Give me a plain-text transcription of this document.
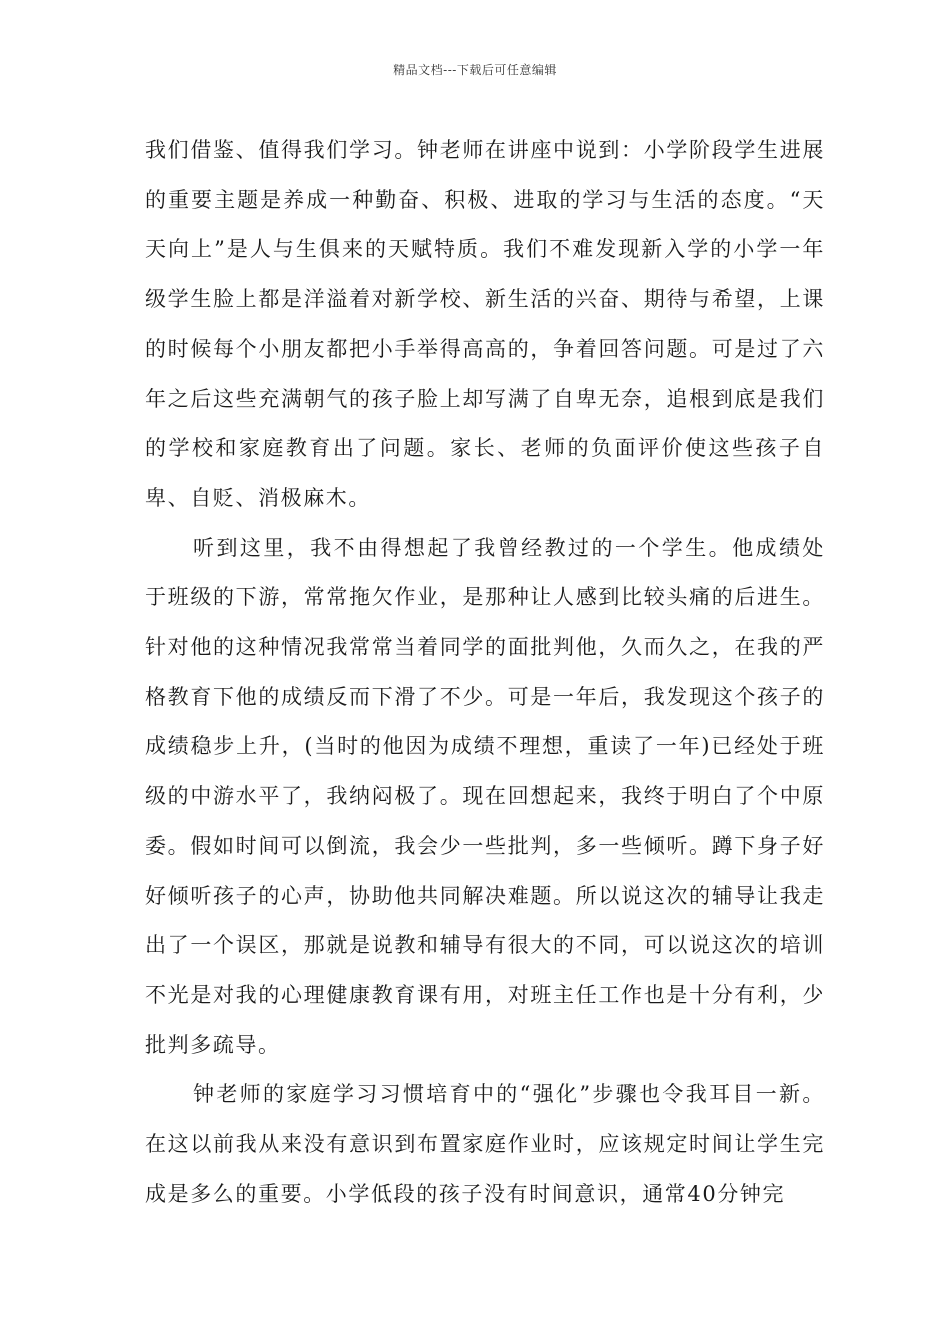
精品文档---下载后可任意编辑

我们借鉴、值得我们学习。钟老师在讲座中说到：小学阶段学生进展的重要主题是养成一种勤奋、积极、进取的学习与生活的态度。“天天向上”是人与生俱来的天赋特质。我们不难发现新入学的小学一年级学生脸上都是洋溢着对新学校、新生活的兴奋、期待与希望，上课的时候每个小朋友都把小手举得高高的，争着回答问题。可是过了六年之后这些充满朝气的孩子脸上却写满了自卑无奈，追根到底是我们的学校和家庭教育出了问题。家长、老师的负面评价使这些孩子自卑、自贬、消极麻木。

听到这里，我不由得想起了我曾经教过的一个学生。他成绩处于班级的下游，常常拖欠作业，是那种让人感到比较头痛的后进生。针对他的这种情况我常常当着同学的面批判他，久而久之，在我的严格教育下他的成绩反而下滑了不少。可是一年后，我发现这个孩子的成绩稳步上升，(当时的他因为成绩不理想，重读了一年)已经处于班级的中游水平了，我纳闷极了。现在回想起来，我终于明白了个中原委。假如时间可以倒流，我会少一些批判，多一些倾听。蹲下身子好好倾听孩子的心声，协助他共同解决难题。所以说这次的辅导让我走出了一个误区，那就是说教和辅导有很大的不同，可以说这次的培训不光是对我的心理健康教育课有用，对班主任工作也是十分有利，少批判多疏导。

钟老师的家庭学习习惯培育中的“强化”步骤也令我耳目一新。在这以前我从来没有意识到布置家庭作业时，应该规定时间让学生完成是多么的重要。小学低段的孩子没有时间意识，通常40分钟完
